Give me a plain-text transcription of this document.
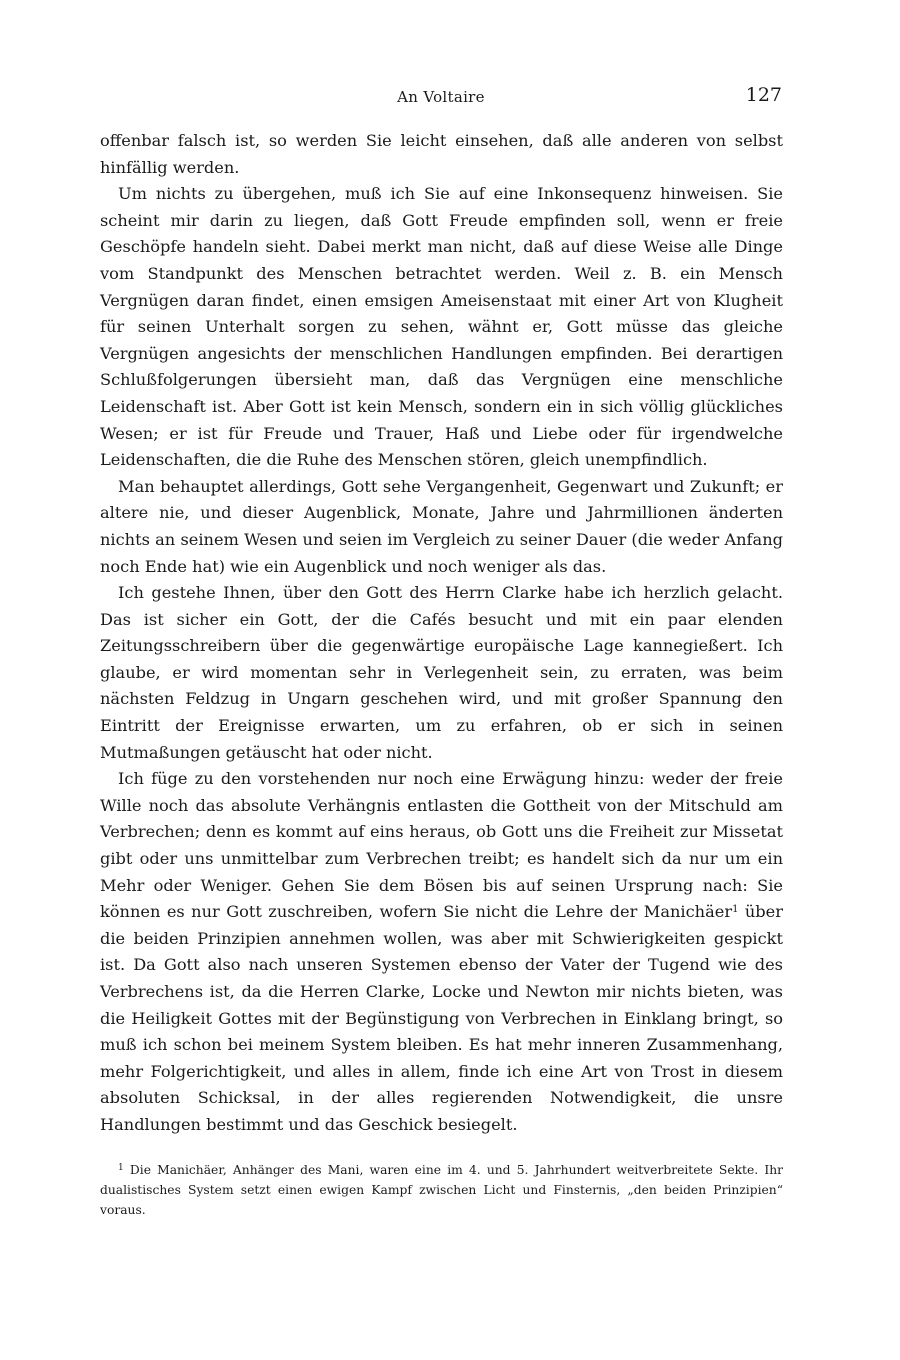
An Voltaire	127

offenbar falsch ist, so werden Sie leicht einsehen, daß alle anderen von selbst hinfällig werden.

Um nichts zu übergehen, muß ich Sie auf eine Inkonsequenz hinweisen. Sie scheint mir darin zu liegen, daß Gott Freude empfinden soll, wenn er freie Geschöpfe handeln sieht. Dabei merkt man nicht, daß auf diese Weise alle Dinge vom Standpunkt des Menschen betrachtet werden. Weil z. B. ein Mensch Vergnügen daran findet, einen emsigen Ameisenstaat mit einer Art von Klugheit für seinen Unterhalt sorgen zu sehen, wähnt er, Gott müsse das gleiche Vergnügen angesichts der menschlichen Handlungen empfinden. Bei derartigen Schlußfolgerungen übersieht man, daß das Vergnügen eine menschliche Leidenschaft ist. Aber Gott ist kein Mensch, sondern ein in sich völlig glückliches Wesen; er ist für Freude und Trauer, Haß und Liebe oder für irgendwelche Leidenschaften, die die Ruhe des Menschen stören, gleich unempfindlich.

Man behauptet allerdings, Gott sehe Vergangenheit, Gegenwart und Zukunft; er altere nie, und dieser Augenblick, Monate, Jahre und Jahrmillionen änderten nichts an seinem Wesen und seien im Vergleich zu seiner Dauer (die weder Anfang noch Ende hat) wie ein Augenblick und noch weniger als das.

Ich gestehe Ihnen, über den Gott des Herrn Clarke habe ich herzlich gelacht. Das ist sicher ein Gott, der die Cafés besucht und mit ein paar elenden Zeitungsschreibern über die gegenwärtige europäische Lage kannegießert. Ich glaube, er wird momentan sehr in Verlegenheit sein, zu erraten, was beim nächsten Feldzug in Ungarn geschehen wird, und mit großer Spannung den Eintritt der Ereignisse erwarten, um zu erfahren, ob er sich in seinen Mutmaßungen getäuscht hat oder nicht.

Ich füge zu den vorstehenden nur noch eine Erwägung hinzu: weder der freie Wille noch das absolute Verhängnis entlasten die Gottheit von der Mitschuld am Verbrechen; denn es kommt auf eins heraus, ob Gott uns die Freiheit zur Missetat gibt oder uns unmittelbar zum Verbrechen treibt; es handelt sich da nur um ein Mehr oder Weniger. Gehen Sie dem Bösen bis auf seinen Ursprung nach: Sie können es nur Gott zuschreiben, wofern Sie nicht die Lehre der Manichäer$^1$ über die beiden Prinzipien annehmen wollen, was aber mit Schwierigkeiten gespickt ist. Da Gott also nach unseren Systemen ebenso der Vater der Tugend wie des Verbrechens ist, da die Herren Clarke, Locke und Newton mir nichts bieten, was die Heiligkeit Gottes mit der Begünstigung von Verbrechen in Einklang bringt, so muß ich schon bei meinem System bleiben. Es hat mehr inneren Zusammenhang, mehr Folgerichtigkeit, und alles in allem, finde ich eine Art von Trost in diesem absoluten Schicksal, in der alles regierenden Notwendigkeit, die unsre Handlungen bestimmt und das Geschick besiegelt.

$^1$ Die Manichäer, Anhänger des Mani, waren eine im 4. und 5. Jahrhundert weitverbreitete Sekte. Ihr dualistisches System setzt einen ewigen Kampf zwischen Licht und Finsternis, „den beiden Prinzipien“ voraus.
